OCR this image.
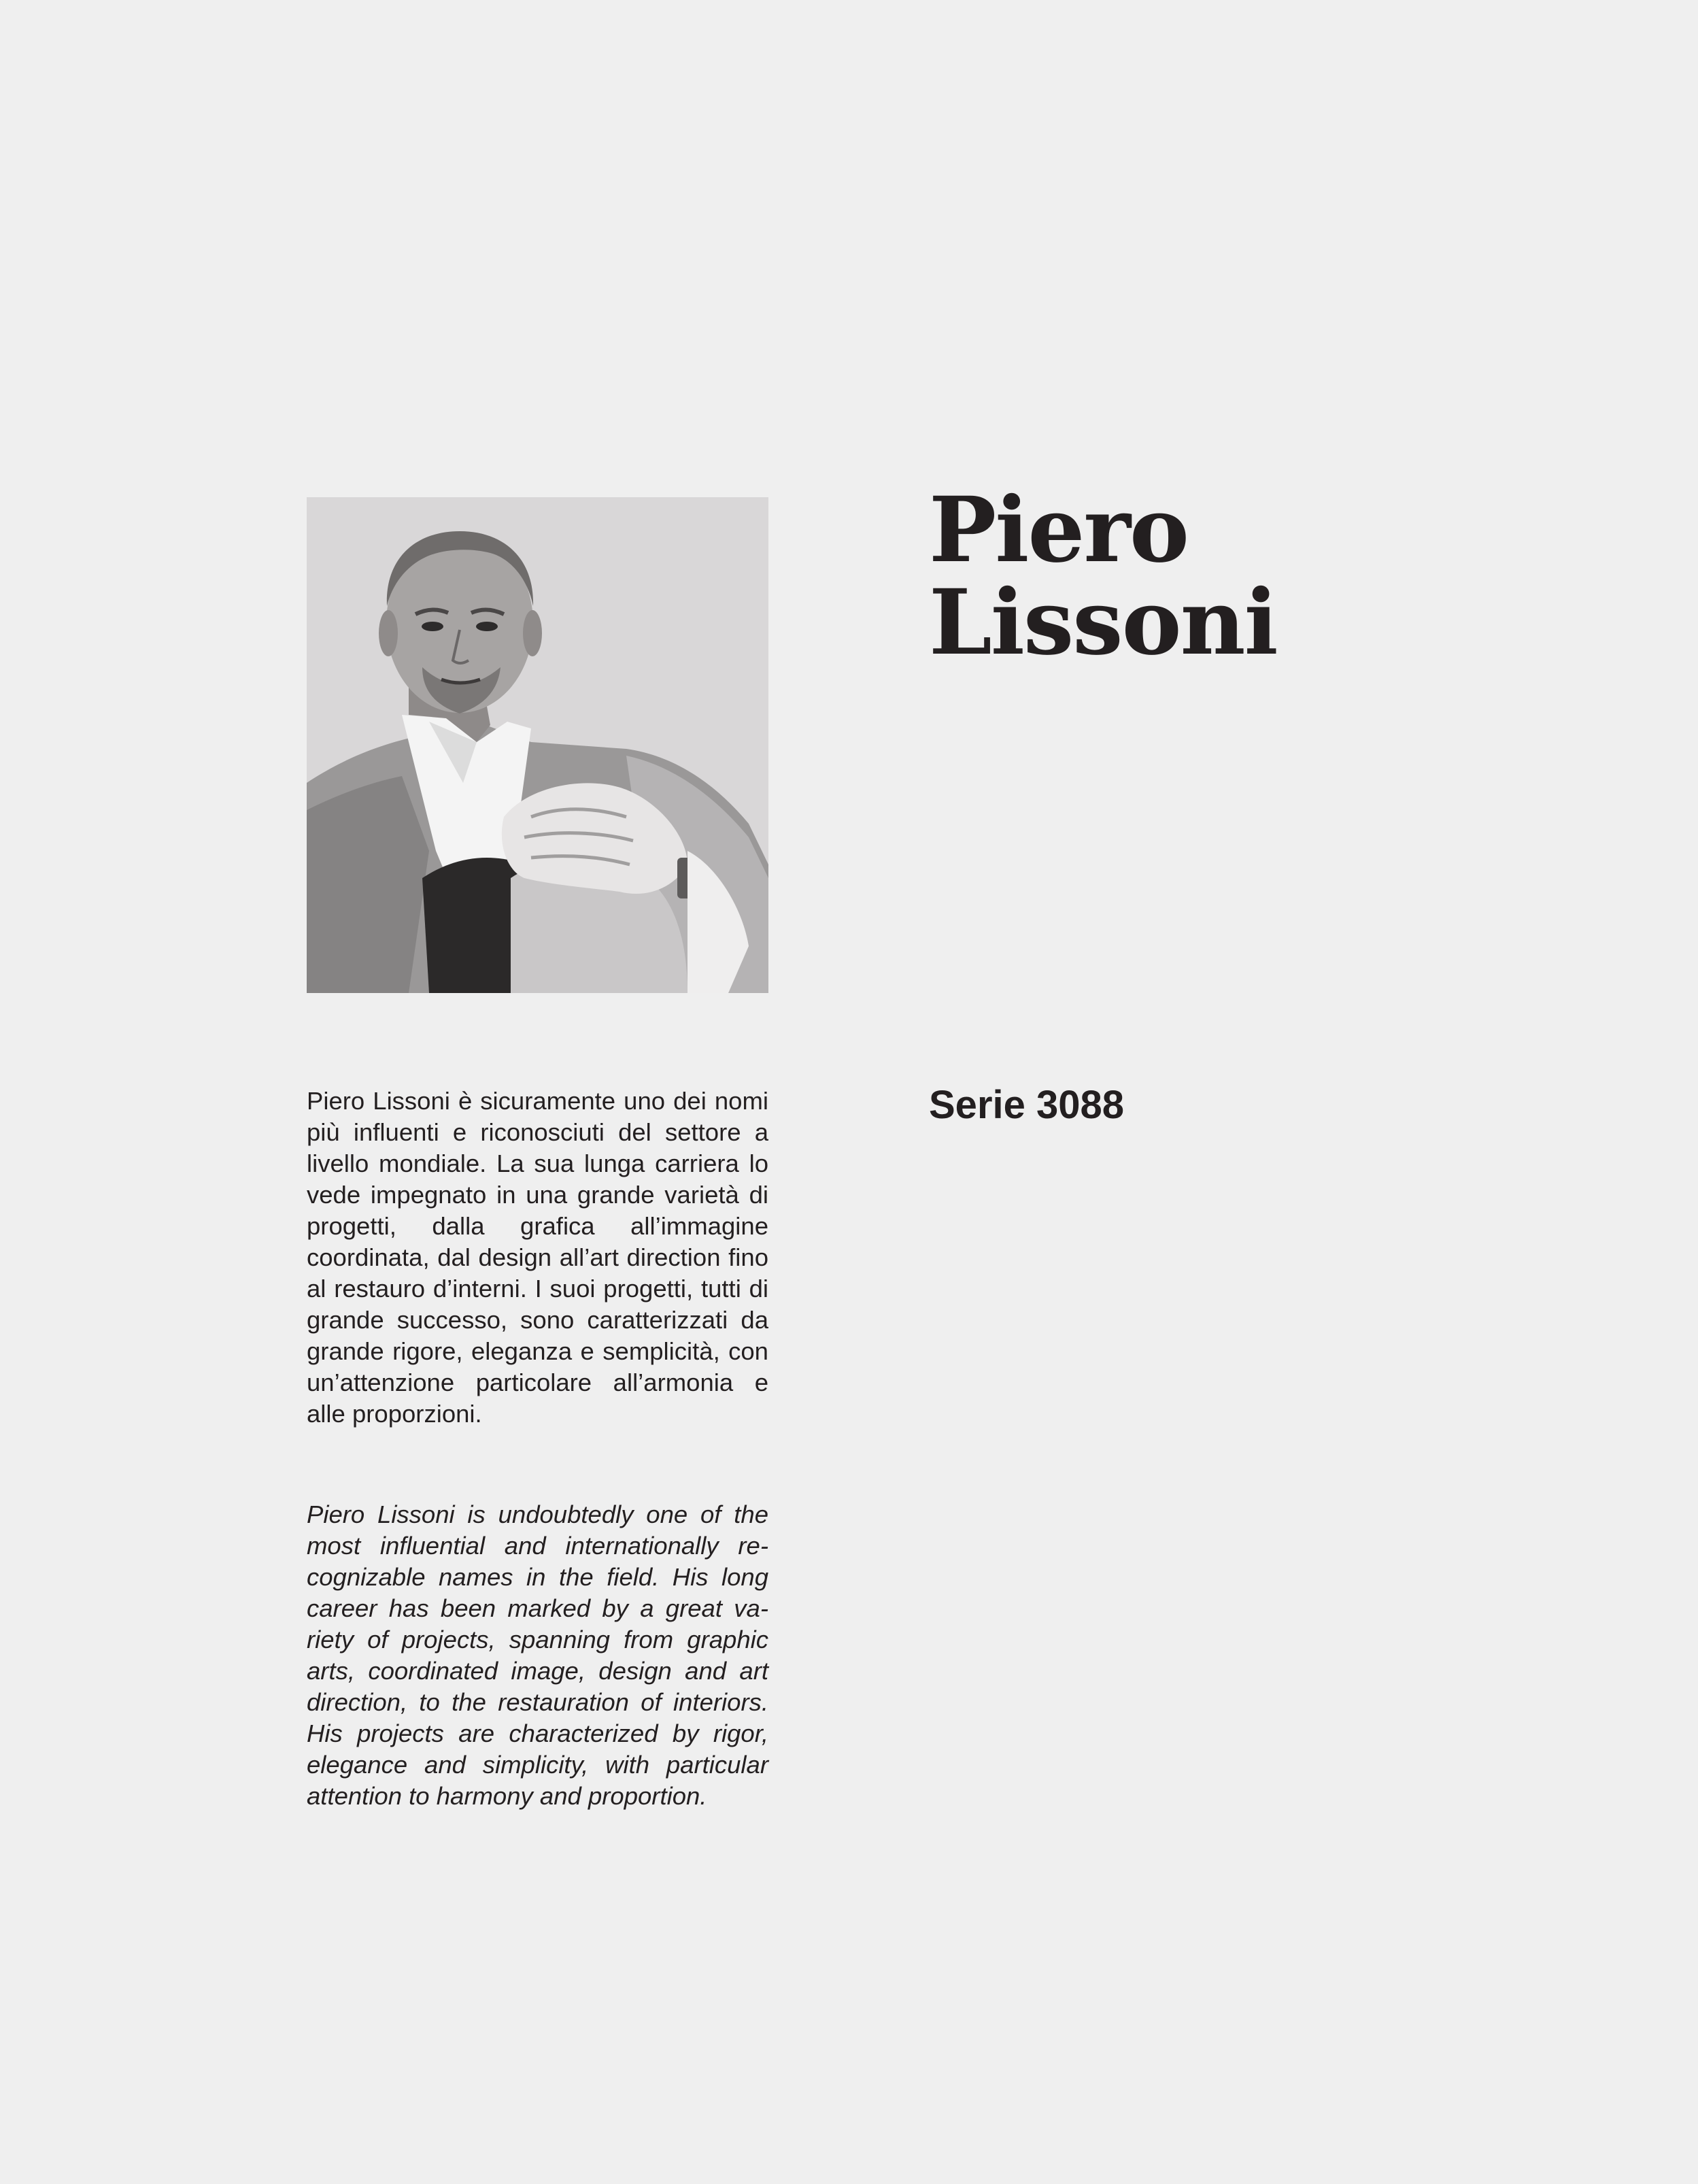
Piero
Lissoni
Serie 3088

Piero Lissoni è sicuramente uno dei nomi più influenti e riconosciuti del settore a livello mondiale. La sua lunga carriera lo vede impegnato in una grande varietà di progetti, dalla grafica all’immagine coordinata, dal design all’art direction fino al restauro d’interni. I suoi progetti, tutti di grande successo, sono caratterizzati da grande rigore, eleganza e semplicità, con un’attenzione particolare all’armonia e alle proporzioni.

Piero Lissoni is undoubtedly one of the most influential and internationally recognizable names in the field. His long career has been marked by a great variety of projects, spanning from graphic arts, coordinated image, design and art direction, to the restauration of interiors. His projects are characterized by rigor, elegance and simplicity, with particular attention to harmony and proportion.
